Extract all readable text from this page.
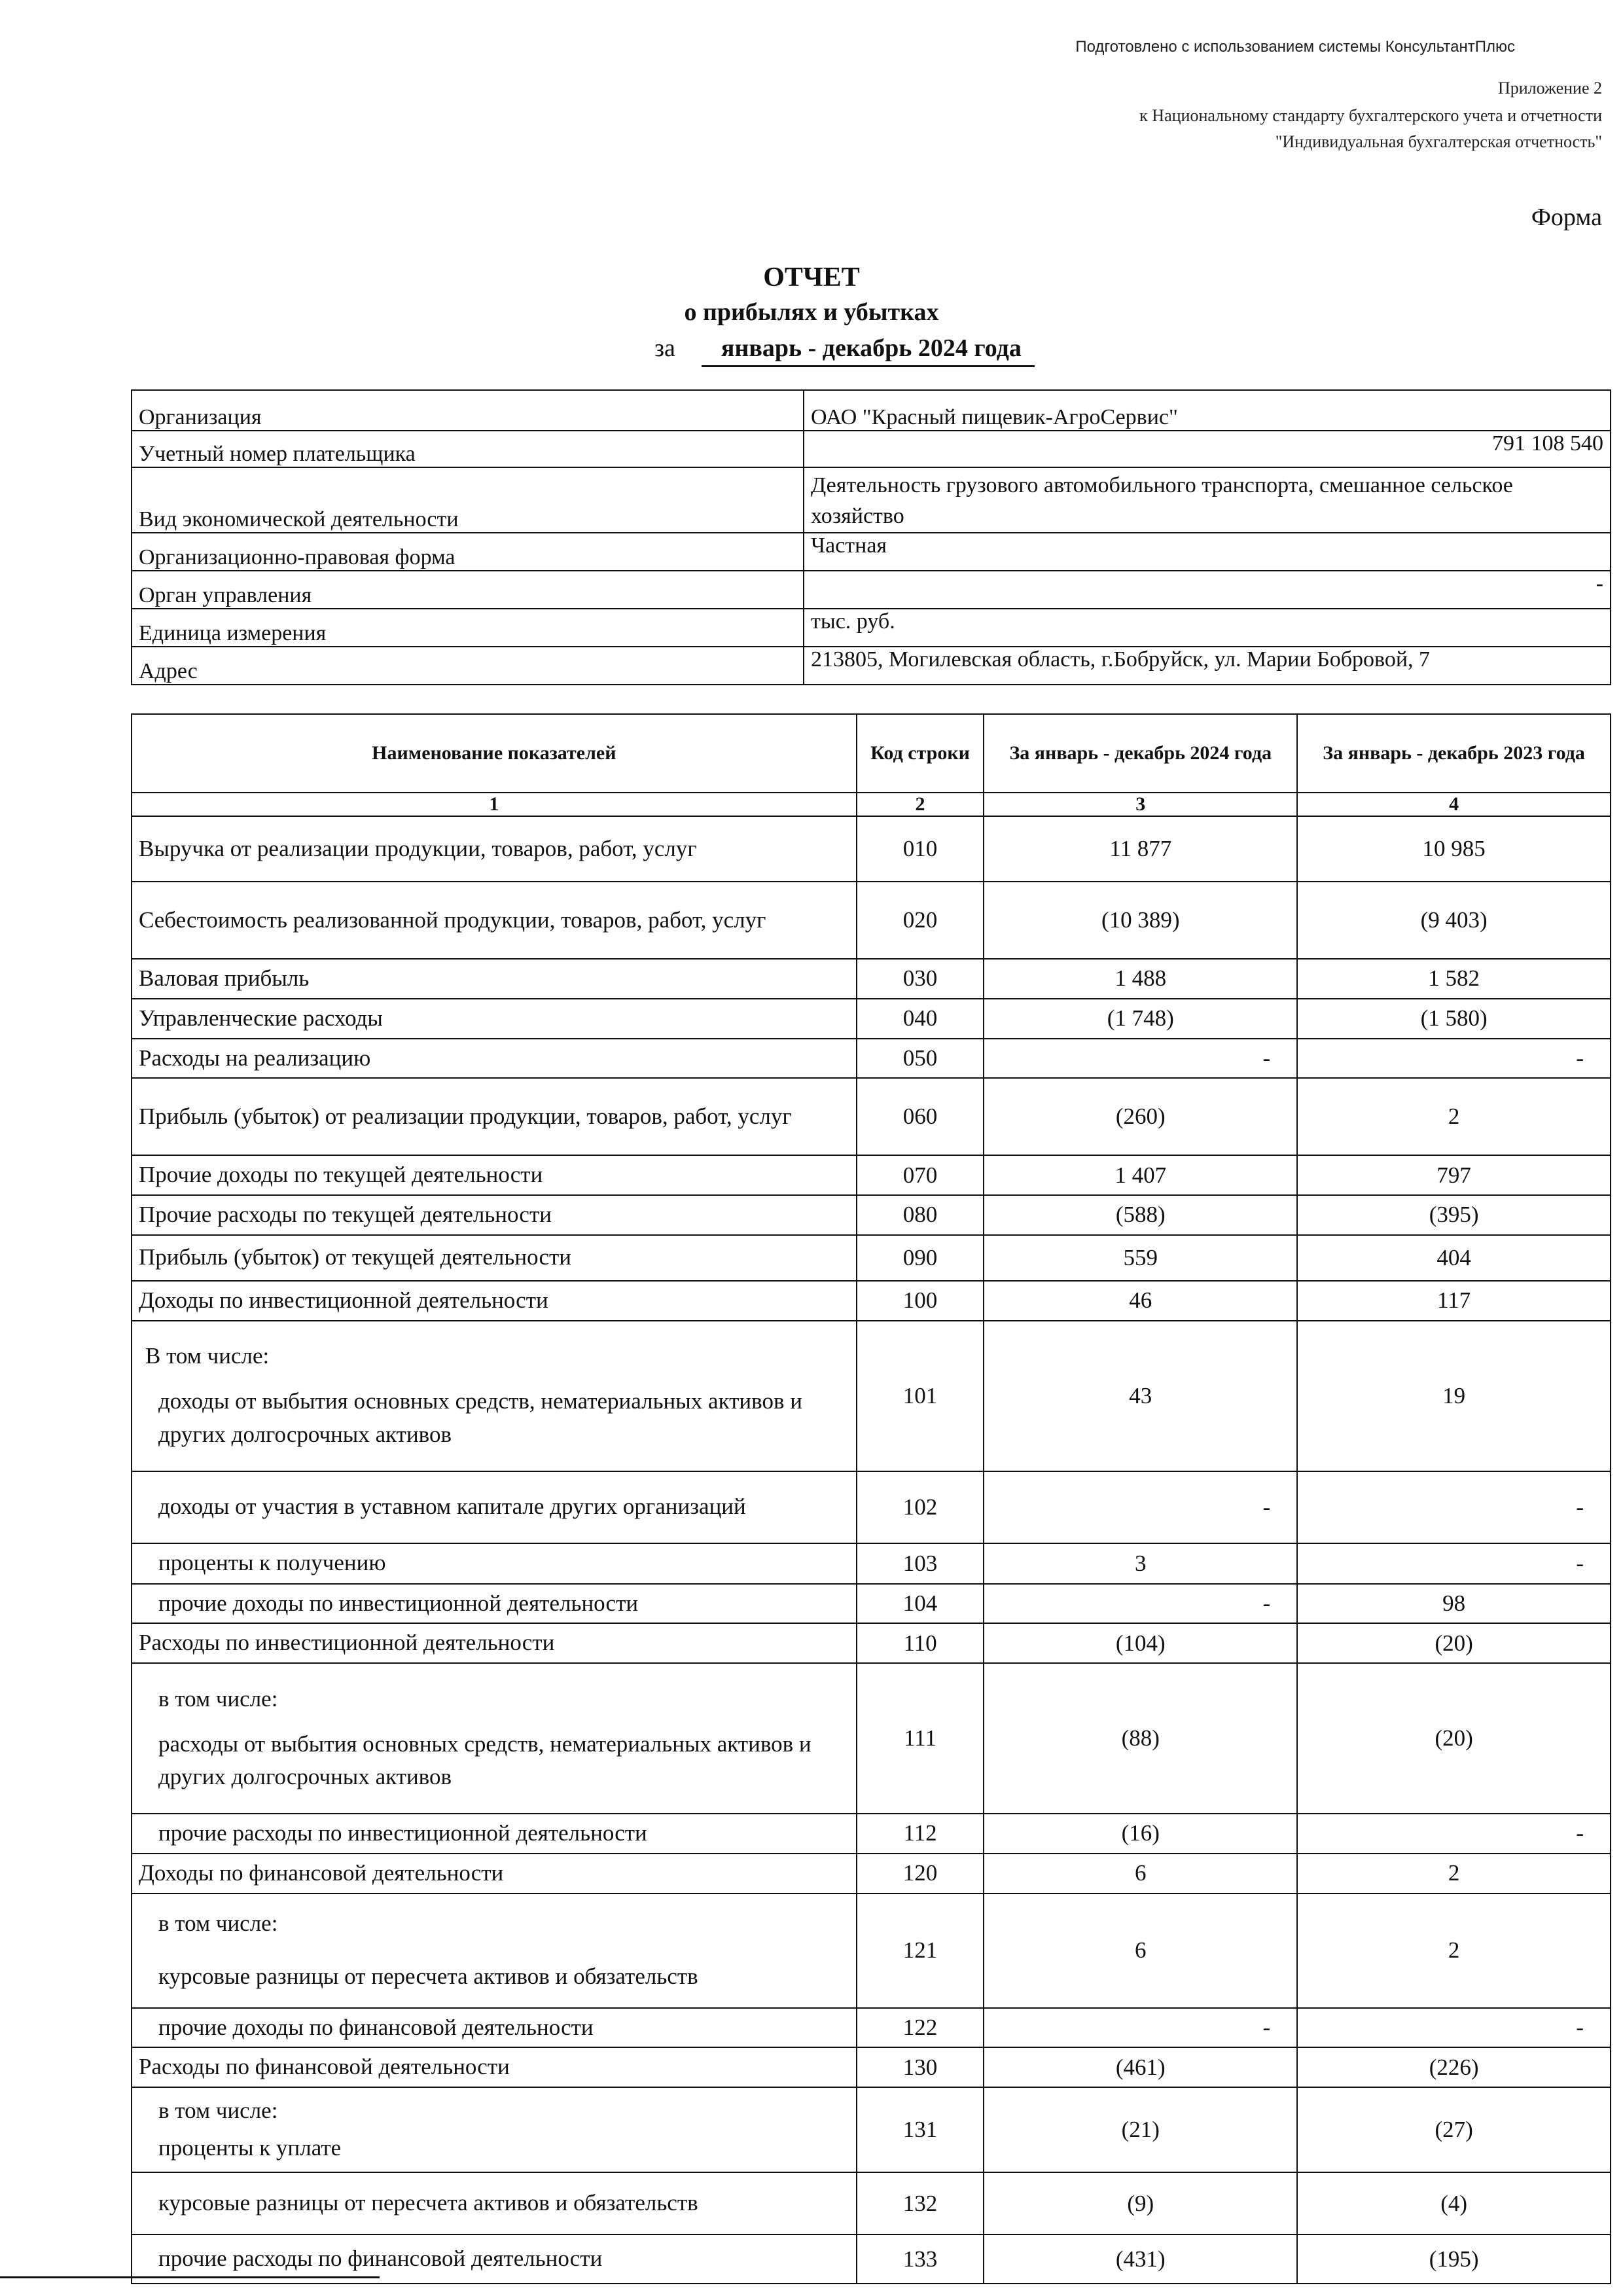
Подготовлено с использованием системы КонсультантПлюс
Приложение 2
к Национальному стандарту бухгалтерского учета и отчетности
"Индивидуальная бухгалтерская отчетность"
Форма
ОТЧЕТ
о прибылях и убытках
за январь - декабрь 2024 года
Организация	ОАО "Красный пищевик-АгроСервис"
Учетный номер плательщика	791 108 540
Вид экономической деятельности	Деятельность грузового автомобильного транспорта, смешанное сельское хозяйство
Организационно-правовая форма	Частная
Орган управления	-
Единица измерения	тыс. руб.
Адрес	213805, Могилевская область, г.Бобруйск, ул. Марии Бобровой, 7
Наименование показателей	Код строки	За январь - декабрь 2024 года	За январь - декабрь 2023 года
1	2	3	4
Выручка от реализации продукции, товаров, работ, услуг	010	11 877	10 985
Себестоимость реализованной продукции, товаров, работ, услуг	020	(10 389)	(9 403)
Валовая прибыль	030	1 488	1 582
Управленческие расходы	040	(1 748)	(1 580)
Расходы на реализацию	050	-	-
Прибыль (убыток) от реализации продукции, товаров, работ, услуг	060	(260)	2
Прочие доходы по текущей деятельности	070	1 407	797
Прочие расходы по текущей деятельности	080	(588)	(395)
Прибыль (убыток) от текущей деятельности	090	559	404
Доходы по инвестиционной деятельности	100	46	117

В том числе:
доходы от выбытия основных средств, нематериальных активов и других долгосрочных активов	101	43	19
доходы от участия в уставном капитале других организаций	102	-	-
проценты к получению	103	3	-
прочие доходы по инвестиционной деятельности	104	-	98
Расходы по инвестиционной деятельности	110	(104)	(20)

в том числе:
расходы от выбытия основных средств, нематериальных активов и других долгосрочных активов	111	(88)	(20)
прочие расходы по инвестиционной деятельности	112	(16)	-
Доходы по финансовой деятельности	120	6	2

в том числе:
курсовые разницы от пересчета активов и обязательств	121	6	2
прочие доходы по финансовой деятельности	122	-	-
Расходы по финансовой деятельности	130	(461)	(226)

в том числе:
проценты к уплате	131	(21)	(27)
курсовые разницы от пересчета активов и обязательств	132	(9)	(4)
прочие расходы по финансовой деятельности	133	(431)	(195)
